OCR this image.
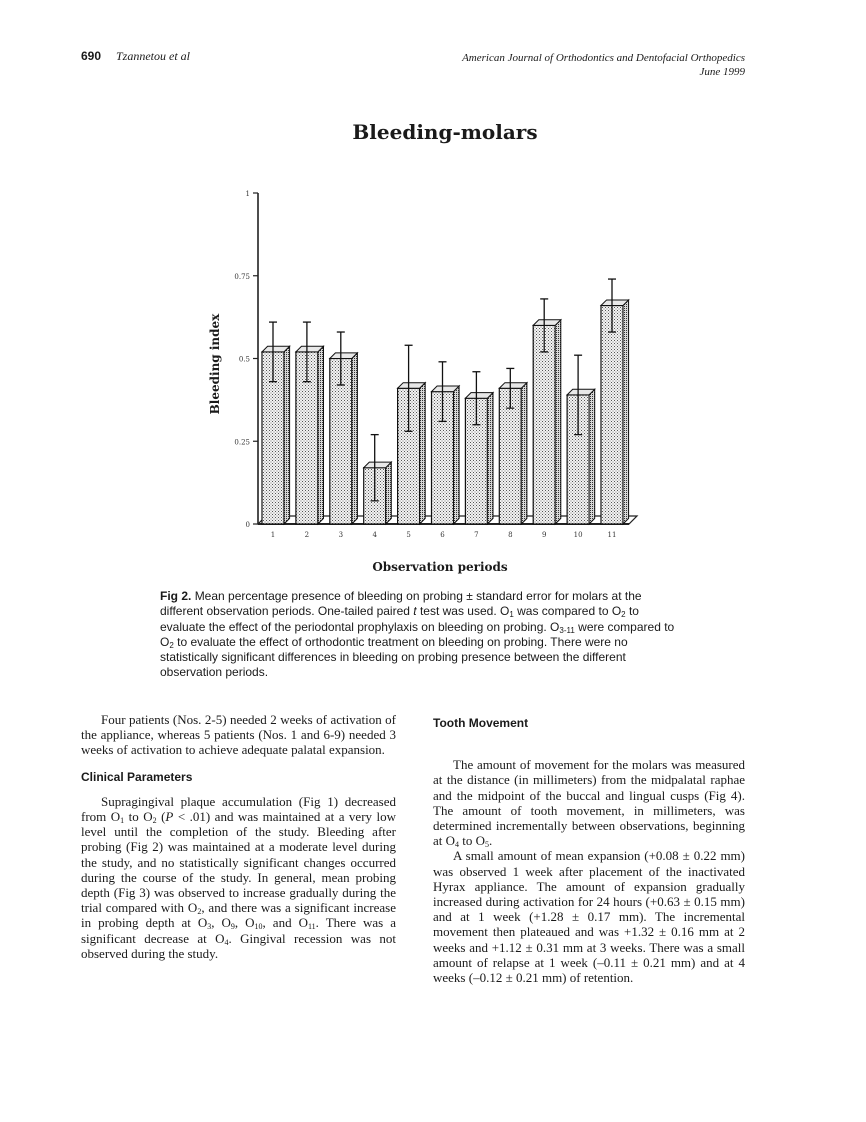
690 Tzannetou et al	American Journal of Orthodontics and Dentofacial Orthopedics
June 1999
Bleeding-molars
Bleeding index
Observation periods
0
0.25
0.5
0.75
1
1	2	3	4	5	6	7	8	9	10	11
Fig 2. Mean percentage presence of bleeding on probing ± standard error for molars at the different observation periods. One-tailed paired t test was used. $O_1$ was compared to $O_2$ to evaluate the effect of the periodontal prophylaxis on bleeding on probing. $O_{3-11}$ were compared to $O_2$ to evaluate the effect of orthodontic treatment on bleeding on probing. There were no statistically significant differences in bleeding on probing presence between the different observation periods.

Four patients (Nos. 2-5) needed 2 weeks of activation of the appliance, whereas 5 patients (Nos. 1 and 6-9) needed 3 weeks of activation to achieve adequate palatal expansion.

Clinical Parameters

Supragingival plaque accumulation (Fig 1) decreased from $O_1$ to $O_2$ (P < .01) and was maintained at a very low level until the completion of the study. Bleeding after probing (Fig 2) was maintained at a moderate level during the study, and no statistically significant changes occurred during the course of the study. In general, mean probing depth (Fig 3) was observed to increase gradually during the trial compared with $O_2$, and there was a significant increase in probing depth at $O_3$, $O_9$, $O_{10}$, and $O_{11}$. There was a significant decrease at $O_4$. Gingival recession was not observed during the study.

Tooth Movement

The amount of movement for the molars was measured at the distance (in millimeters) from the midpalatal raphae and the midpoint of the buccal and lingual cusps (Fig 4). The amount of tooth movement, in millimeters, was determined incrementally between observations, beginning at $O_4$ to $O_5$.

A small amount of mean expansion (+0.08 ± 0.22 mm) was observed 1 week after placement of the inactivated Hyrax appliance. The amount of expansion gradually increased during activation for 24 hours (+0.63 ± 0.15 mm) and at 1 week (+1.28 ± 0.17 mm). The incremental movement then plateaued and was +1.32 ± 0.16 mm at 2 weeks and +1.12 ± 0.31 mm at 3 weeks. There was a small amount of relapse at 1 week (–0.11 ± 0.21 mm) and at 4 weeks (–0.12 ± 0.21 mm) of retention.
